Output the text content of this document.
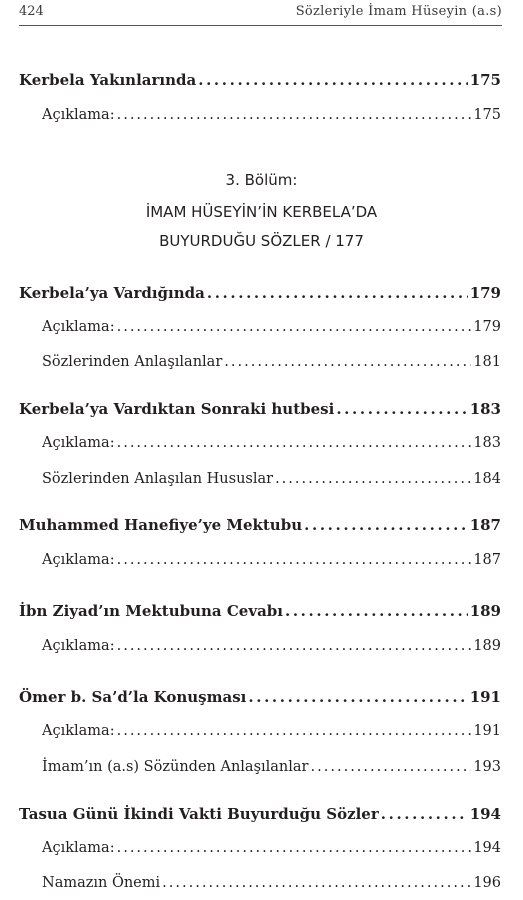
424	Sözleriyle İmam Hüseyin (a.s)
Kerbela Yakınlarında . . .	175
Açıklama: . . .	175
3. Bölüm:
İMAM HÜSEYİN’İN KERBELA’DA
BUYURDUĞU SÖZLER / 177
Kerbela’ya Vardığında . . .	179
Açıklama: . . .	179
Sözlerinden Anlaşılanlar . . .	181
Kerbela’ya Vardıktan Sonraki hutbesi . . .	183
Açıklama: . . .	183
Sözlerinden Anlaşılan Hususlar . . .	184
Muhammed Hanefiye’ye Mektubu . . .	187
Açıklama: . . .	187
İbn Ziyad’ın Mektubuna Cevabı . . .	189
Açıklama: . . .	189
Ömer b. Sa’d’la Konuşması . . .	191
Açıklama: . . .	191
İmam’ın (a.s) Sözünden Anlaşılanlar . . .	193
Tasua Günü İkindi Vakti Buyurduğu Sözler . . .	194
Açıklama: . . .	194
Namazın Önemi . . .	196
